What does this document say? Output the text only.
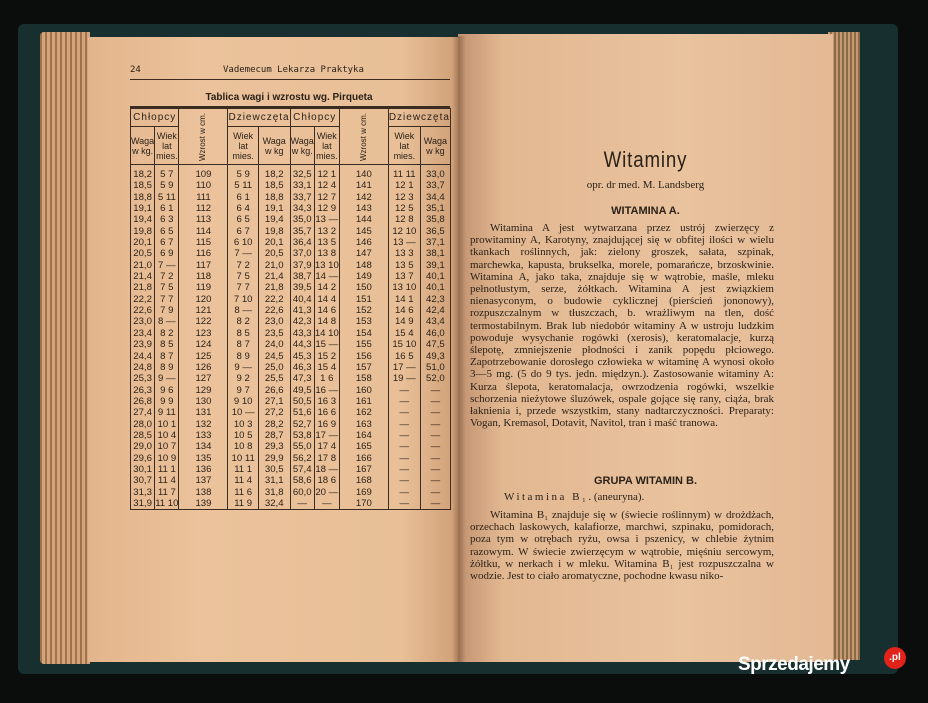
24	Vademecum Lekarza Praktyka
Tablica wagi i wzrostu wg. Pirqueta
Chłopcy		Wzrost w cm.	Dziewczęta		Chłopcy		Wzrost w cm.	Dziewczęta	
Waga w kg.	Wiek lat mies.		Wiek lat mies.	Waga w kg	Waga w kg.	Wiek lat mies.		Wiek lat mies.	Waga w kg
18,2	5 7	109	5 9	18,2	32,5	12 1	140	11 11	33,0
18,5	5 9	110	5 11	18,5	33,1	12 4	141	12 1	33,7
18,8	5 11	111	6 1	18,8	33,7	12 7	142	12 3	34,4
19,1	6 1	112	6 4	19,1	34,3	12 9	143	12 5	35,1
19,4	6 3	113	6 5	19,4	35,0	13 —	144	12 8	35,8
19,8	6 5	114	6 7	19,8	35,7	13 2	145	12 10	36,5
20,1	6 7	115	6 10	20,1	36,4	13 5	146	13 —	37,1
20,5	6 9	116	7 —	20,5	37,0	13 8	147	13 3	38,1
21,0	7 —	117	7 2	21,0	37,9	13 10	148	13 5	39,1
21,4	7 2	118	7 5	21,4	38,7	14 —	149	13 7	40,1
21,8	7 5	119	7 7	21,8	39,5	14 2	150	13 10	40,1
22,2	7 7	120	7 10	22,2	40,4	14 4	151	14 1	42,3
22,6	7 9	121	8 —	22,6	41,3	14 6	152	14 6	42,4
23,0	8 —	122	8 2	23,0	42,3	14 8	153	14 9	43,4
23,4	8 2	123	8 5	23,5	43,3	14 10	154	15 4	46,0
23,9	8 5	124	8 7	24,0	44,3	15 —	155	15 10	47,5
24,4	8 7	125	8 9	24,5	45,3	15 2	156	16 5	49,3
24,8	8 9	126	9 —	25,0	46,3	15 4	157	17 —	51,0
25,3	9 —	127	9 2	25,5	47,3	1 6	158	19 —	52,0
26,3	9 6	129	9 7	26,6	49,5	16 —	160	—	—
26,8	9 9	130	9 10	27,1	50,5	16 3	161	—	—
27,4	9 11	131	10 —	27,2	51,6	16 6	162	—	—
28,0	10 1	132	10 3	28,2	52,7	16 9	163	—	—
28,5	10 4	133	10 5	28,7	53,8	17 —	164	—	—
29,0	10 7	134	10 8	29,3	55,0	17 4	165	—	—
29,6	10 9	135	10 11	29,9	56,2	17 8	166	—	—
30,1	11 1	136	11 1	30,5	57,4	18 —	167	—	—
30,7	11 4	137	11 4	31,1	58,6	18 6	168	—	—
31,3	11 7	138	11 6	31,8	60,0	20 —	169	—	—
31,9	11 10	139	11 9	32,4	—	—	170	—	—
Witaminy
opr. dr med. M. Landsberg
WITAMINA A.
Witamina A jest wytwarzana przez ustrój zwierzęcy z prowitaminy A, Karotyny, znajdującej się w obfitej ilości w wielu tkankach roślinnych, jak: zielony groszek, sałata, szpinak, marchewka, kapusta, brukselka, morele, pomarańcze, brzoskwinie. Witamina A, jako taka, znajduje się w wątrobie, maśle, mleku pełnotłustym, serze, żółtkach. Witamina A jest związkiem nienasyconym, o budowie cyklicznej (pierścień jononowy), rozpuszczalnym w tłuszczach, b. wrażliwym na tlen, dość termostabilnym. Brak lub niedobór witaminy A w ustroju ludzkim powoduje wysychanie rogówki (xerosis), keratomalacje, kurzą ślepotę, zmniejszenie płodności i zanik popędu płciowego. Zapotrzebowanie dorosłego człowieka w witaminę A wynosi około 3—5 mg. (5 do 9 tys. jedn. międzyn.). Zastosowanie witaminy A: Kurza ślepota, keratomalacja, owrzodzenia rogówki, wszelkie schorzenia nieżytowe śluzówek, ospale gojące się rany, ciąża, brak łaknienia i, przede wszystkim, stany nadtarczyczności. Preparaty: Vogan, Kremasol, Dotavit, Navitol, tran i maść tranowa.
GRUPA WITAMIN B.
Witamina B₁. (aneuryna).
Witamina B₁ znajduje się w (świecie roślinnym) w drożdżach, orzechach laskowych, kalafiorze, marchwi, szpinaku, pomidorach, poza tym w otrębach ryżu, owsa i pszenicy, w chlebie żytnim razowym. W świecie zwierzęcym w wątrobie, mięśniu sercowym, żółtku, w nerkach i w mleku. Witamina B₁ jest rozpuszczalna w wodzie. Jest to ciało aromatyczne, pochodne kwasu niko-
Sprzedajemy	.pl
